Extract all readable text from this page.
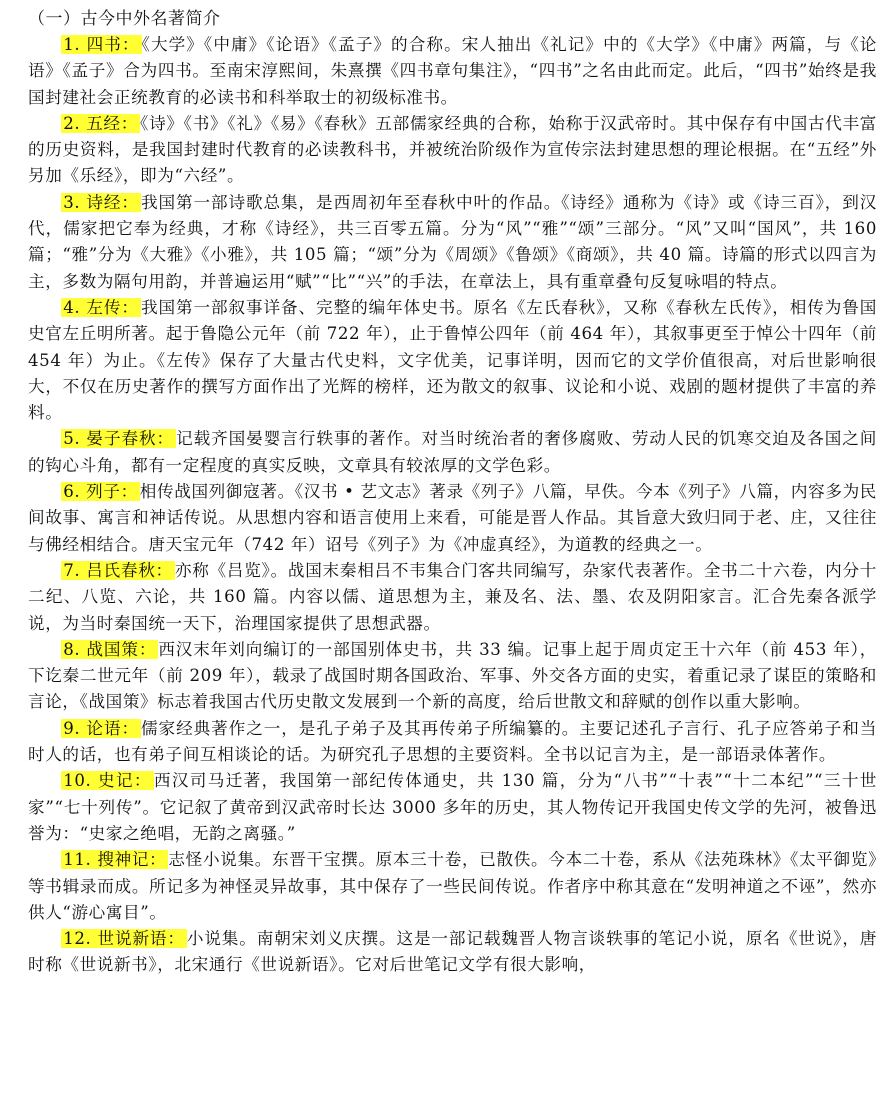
（一）古今中外名著简介

1. 四书： 《大学》《中庸》《论语》《孟子》的合称。宋人抽出《礼记》中的《大学》《中庸》两篇，与《论语》《孟子》合为四书。至南宋淳熙间，朱熹撰《四书章句集注》，“四书”之名由此而定。此后，“四书”始终是我国封建社会正统教育的必读书和科举取士的初级标准书。

2. 五经： 《诗》《书》《礼》《易》《春秋》五部儒家经典的合称，始称于汉武帝时。其中保存有中国古代丰富的历史资料，是我国封建时代教育的必读教科书，并被统治阶级作为宣传宗法封建思想的理论根据。在“五经”外另加《乐经》，即为“六经”。

3. 诗经： 我国第一部诗歌总集，是西周初年至春秋中叶的作品。《诗经》通称为《诗》或《诗三百》，到汉代，儒家把它奉为经典，才称《诗经》，共三百零五篇。分为“风”“雅”“颂”三部分。“风”又叫“国风”，共 160 篇；“雅”分为《大雅》《小雅》，共 105 篇；“颂”分为《周颂》《鲁颂》《商颂》，共 40 篇。诗篇的形式以四言为主，多数为隔句用韵，并普遍运用“赋”“比”“兴”的手法，在章法上，具有重章叠句反复咏唱的特点。

4. 左传： 我国第一部叙事详备、完整的编年体史书。原名《左氏春秋》，又称《春秋左氏传》，相传为鲁国史官左丘明所著。起于鲁隐公元年（前 722 年），止于鲁悼公四年（前 464 年），其叙事更至于悼公十四年（前 454 年）为止。《左传》保存了大量古代史料，文字优美，记事详明，因而它的文学价值很高，对后世影响很大，不仅在历史著作的撰写方面作出了光辉的榜样，还为散文的叙事、议论和小说、戏剧的题材提供了丰富的养料。

5. 晏子春秋： 记载齐国晏婴言行轶事的著作。对当时统治者的奢侈腐败、劳动人民的饥寒交迫及各国之间的钩心斗角，都有一定程度的真实反映，文章具有较浓厚的文学色彩。

6. 列子： 相传战国列御寇著。《汉书 • 艺文志》著录《列子》八篇，早佚。今本《列子》八篇，内容多为民间故事、寓言和神话传说。从思想内容和语言使用上来看，可能是晋人作品。其旨意大致归同于老、庄，又往往与佛经相结合。唐天宝元年（742 年）诏号《列子》为《冲虚真经》，为道教的经典之一。

7. 吕氏春秋： 亦称《吕览》。战国末秦相吕不韦集合门客共同编写，杂家代表著作。全书二十六卷，内分十二纪、八览、六论，共 160 篇。内容以儒、道思想为主，兼及名、法、墨、农及阴阳家言。汇合先秦各派学说，为当时秦国统一天下，治理国家提供了思想武器。

8. 战国策： 西汉末年刘向编订的一部国别体史书，共 33 编。记事上起于周贞定王十六年（前 453 年），下讫秦二世元年（前 209 年），载录了战国时期各国政治、军事、外交各方面的史实，着重记录了谋臣的策略和言论，《战国策》标志着我国古代历史散文发展到一个新的高度，给后世散文和辞赋的创作以重大影响。

9. 论语： 儒家经典著作之一，是孔子弟子及其再传弟子所编纂的。主要记述孔子言行、孔子应答弟子和当时人的话，也有弟子间互相谈论的话。为研究孔子思想的主要资料。全书以记言为主，是一部语录体著作。

10. 史记： 西汉司马迁著，我国第一部纪传体通史，共 130 篇，分为“八书”“十表”“十二本纪”“三十世家”“七十列传”。它记叙了黄帝到汉武帝时长达 3000 多年的历史，其人物传记开我国史传文学的先河，被鲁迅誉为：“史家之绝唱，无韵之离骚。”

11. 搜神记： 志怪小说集。东晋干宝撰。原本三十卷，已散佚。今本二十卷，系从《法苑珠林》《太平御览》等书辑录而成。所记多为神怪灵异故事，其中保存了一些民间传说。作者序中称其意在“发明神道之不诬”，然亦供人“游心寓目”。

12. 世说新语： 小说集。南朝宋刘义庆撰。这是一部记载魏晋人物言谈轶事的笔记小说，原名《世说》，唐时称《世说新书》，北宋通行《世说新语》。它对后世笔记文学有很大影响，
